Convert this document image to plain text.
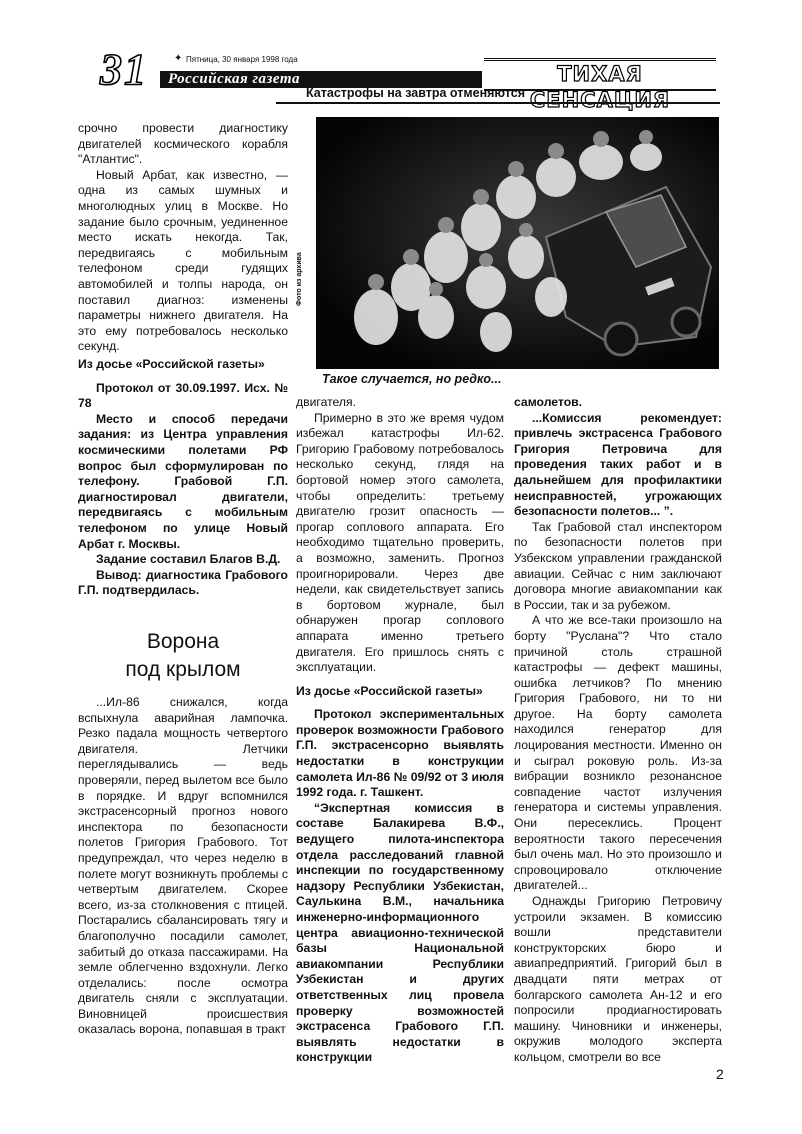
31	✦ Пятница, 30 января 1998 года
Российская газета	ТИХАЯ СЕНСАЦИЯ
Катастрофы на завтра отменяются
Фото из архива
Такое случается, но редко...

срочно провести диагностику двигателей космического корабля "Атлантис".

Новый Арбат, как известно, — одна из самых шумных и многолюдных улиц в Москве. Но задание было срочным, уединенное место искать некогда. Так, передвигаясь с мобильным телефоном среди гудящих автомобилей и толпы народа, он поставил диагноз: изменены параметры нижнего двигателя. На это ему потребовалось несколько секунд.

Из досье «Российской газеты»

Протокол от 30.09.1997. Исх. № 78

Место и способ передачи задания: из Центра управления космическими полетами РФ вопрос был сформулирован по телефону. Грабовой Г.П. диагностировал двигатели, передвигаясь с мобильным телефоном по улице Новый Арбат г. Москвы.

Задание составил Благов В.Д.

Вывод: диагностика Грабового Г.П. подтвердилась.

Ворона
под крылом

...Ил-86 снижался, когда вспыхнула аварийная лампочка. Резко падала мощность четвертого двигателя. Летчики переглядывались — ведь проверяли, перед вылетом все было в порядке. И вдруг вспомнился экстрасенсорный прогноз нового инспектора по безопасности полетов Григория Грабового. Тот предупреждал, что через неделю в полете могут возникнуть проблемы с четвертым двигателем. Скорее всего, из-за столкновения с птицей. Постарались сбалансировать тягу и благополучно посадили самолет, забитый до отказа пассажирами. На земле облегченно вздохнули. Легко отделались: после осмотра двигатель сняли с эксплуатации. Виновницей происшествия оказалась ворона, попавшая в тракт

двигателя.

Примерно в это же время чудом избежал катастрофы Ил-62. Григорию Грабовому потребовалось несколько секунд, глядя на бортовой номер этого самолета, чтобы определить: третьему двигателю грозит опасность — прогар соплового аппарата. Его необходимо тщательно проверить, а возможно, заменить. Прогноз проигнорировали. Через две недели, как свидетельствует запись в бортовом журнале, был обнаружен прогар соплового аппарата именно третьего двигателя. Его пришлось снять с эксплуатации.

Из досье «Российской газеты»

Протокол экспериментальных проверок возможности Грабового Г.П. экстрасенсорно выявлять недостатки в конструкции самолета Ил-86 № 09/92 от 3 июля 1992 года. г. Ташкент.

“Экспертная комиссия в составе Балакирева В.Ф., ведущего пилота-инспектора отдела расследований главной инспекции по государственному надзору Республики Узбекистан, Саулькина В.М., начальника инженерно-информационного центра авиационно-технической базы Национальной авиакомпании Республики Узбекистан и других ответственных лиц провела проверку возможностей экстрасенса Грабового Г.П. выявлять недостатки в конструкции

самолетов.

...Комиссия рекомендует: привлечь экстрасенса Грабового Григория Петровича для проведения таких работ и в дальнейшем для профилактики неисправностей, угрожающих безопасности полетов... ”.

Так Грабовой стал инспектором по безопасности полетов при Узбекском управлении гражданской авиации. Сейчас с ним заключают договора многие авиакомпании как в России, так и за рубежом.

А что же все-таки произошло на борту "Руслана"? Что стало причиной столь страшной катастрофы — дефект машины, ошибка летчиков? По мнению Григория Грабового, ни то ни другое. На борту самолета находился генератор для лоцирования местности. Именно он и сыграл роковую роль. Из-за вибрации возникло резонансное совпадение частот излучения генератора и системы управления. Они пересеклись. Процент вероятности такого пересечения был очень мал. Но это произошло и спровоцировало отключение двигателей...

Однажды Григорию Петровичу устроили экзамен. В комиссию вошли представители конструкторских бюро и авиапредприятий. Григорий был в двадцати пяти метрах от болгарского самолета Ан-12 и его попросили продиагностировать машину. Чиновники и инженеры, окружив молодого эксперта кольцом, смотрели во все

2
